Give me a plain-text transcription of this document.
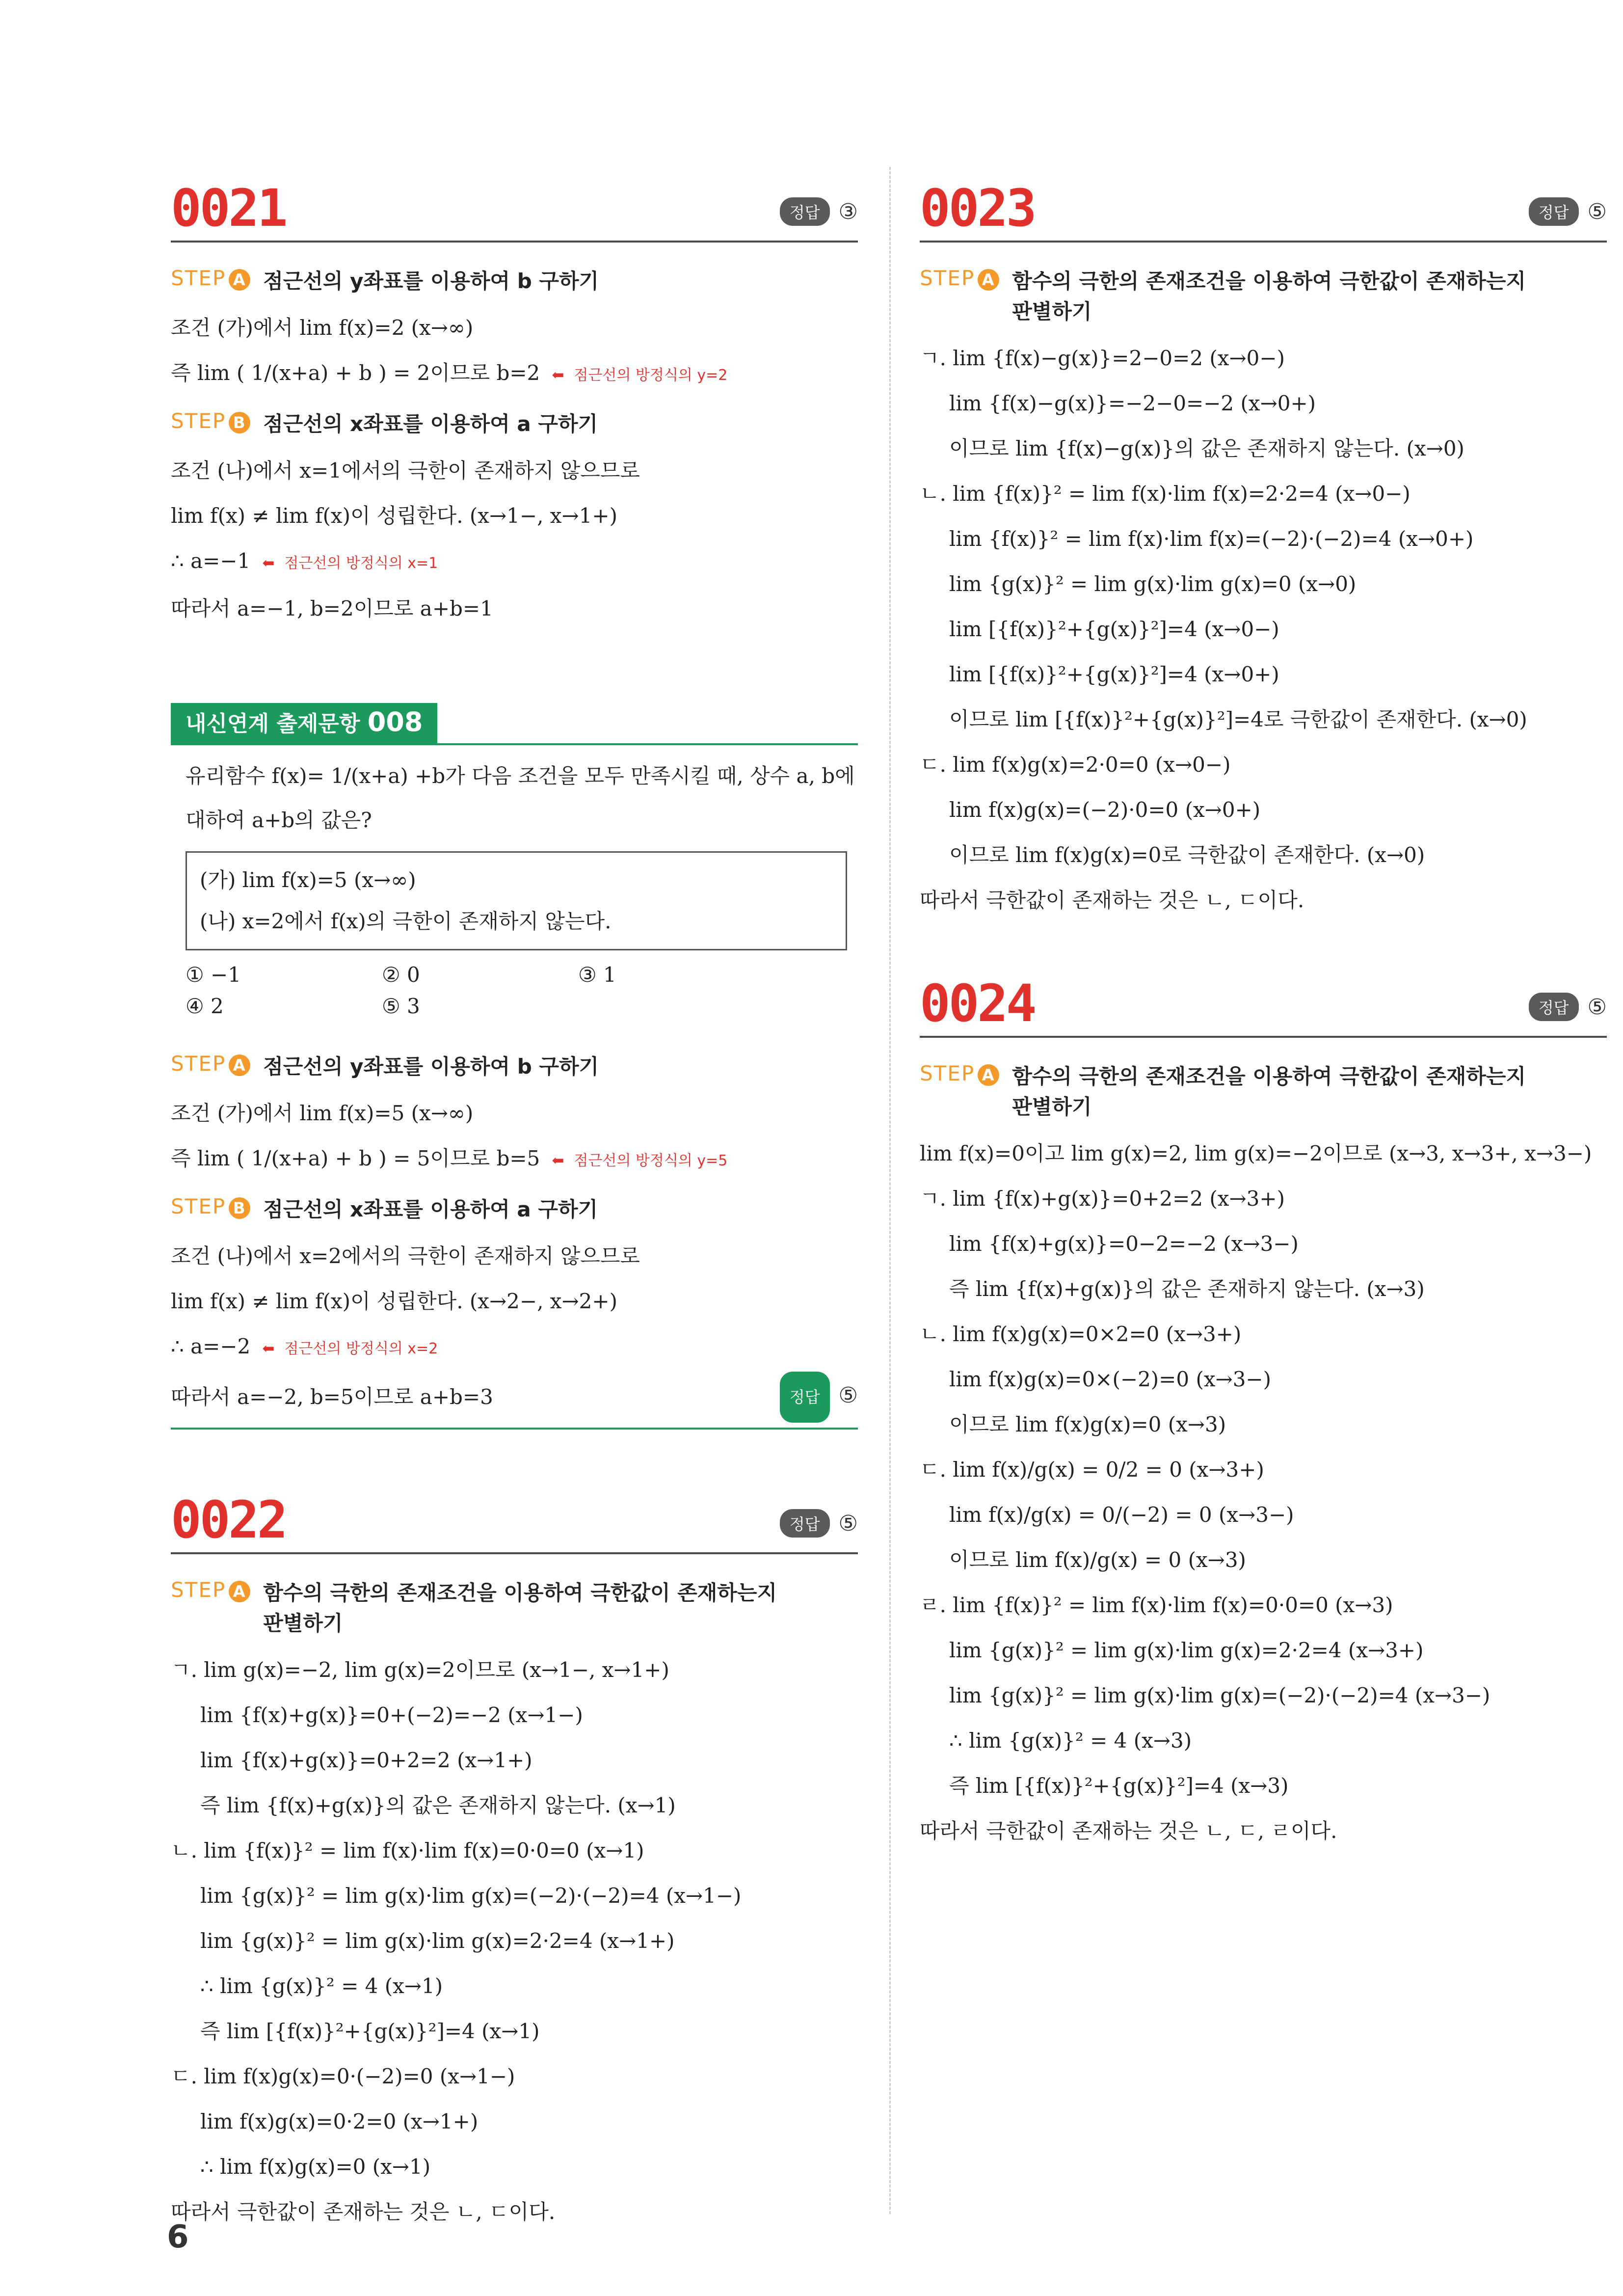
0021	정답 ③
STEP A 점근선의 y좌표를 이용하여 b 구하기
조건 (가)에서 lim f(x)=2 (x→∞)
즉 lim ( 1/(x+a) + b ) = 2이므로 b=2 ⬅ 점근선의 방정식의 y=2
STEP B 점근선의 x좌표를 이용하여 a 구하기
조건 (나)에서 x=1에서의 극한이 존재하지 않으므로
lim f(x) ≠ lim f(x)이 성립한다. (x→1−, x→1+)
∴ a=−1 ⬅ 점근선의 방정식의 x=1
따라서 a=−1, b=2이므로 a+b=1
내신연계 출제문항 008
유리함수 f(x)= 1/(x+a) +b가 다음 조건을 모두 만족시킬 때, 상수 a, b에
대하여 a+b의 값은?
(가) lim f(x)=5 (x→∞)
(나) x=2에서 f(x)의 극한이 존재하지 않는다.
① −1	② 0	③ 1
④ 2	⑤ 3
STEP A 점근선의 y좌표를 이용하여 b 구하기
조건 (가)에서 lim f(x)=5 (x→∞)
즉 lim ( 1/(x+a) + b ) = 5이므로 b=5 ⬅ 점근선의 방정식의 y=5
STEP B 점근선의 x좌표를 이용하여 a 구하기
조건 (나)에서 x=2에서의 극한이 존재하지 않으므로
lim f(x) ≠ lim f(x)이 성립한다. (x→2−, x→2+)
∴ a=−2 ⬅ 점근선의 방정식의 x=2
따라서 a=−2, b=5이므로 a+b=3	정답 ⑤
0022	정답 ⑤
STEP A 함수의 극한의 존재조건을 이용하여 극한값이 존재하는지 판별하기
ㄱ. lim g(x)=−2, lim g(x)=2이므로 (x→1−, x→1+)
lim {f(x)+g(x)}=0+(−2)=−2 (x→1−)
lim {f(x)+g(x)}=0+2=2 (x→1+)
즉 lim {f(x)+g(x)}의 값은 존재하지 않는다. (x→1)
ㄴ. lim {f(x)}² = lim f(x)·lim f(x)=0·0=0 (x→1)
lim {g(x)}² = lim g(x)·lim g(x)=(−2)·(−2)=4 (x→1−)
lim {g(x)}² = lim g(x)·lim g(x)=2·2=4 (x→1+)
∴ lim {g(x)}² = 4 (x→1)
즉 lim [{f(x)}²+{g(x)}²]=4 (x→1)
ㄷ. lim f(x)g(x)=0·(−2)=0 (x→1−)
lim f(x)g(x)=0·2=0 (x→1+)
∴ lim f(x)g(x)=0 (x→1)
따라서 극한값이 존재하는 것은 ㄴ, ㄷ이다.
0023	정답 ⑤
STEP A 함수의 극한의 존재조건을 이용하여 극한값이 존재하는지 판별하기
ㄱ. lim {f(x)−g(x)}=2−0=2 (x→0−)
lim {f(x)−g(x)}=−2−0=−2 (x→0+)
이므로 lim {f(x)−g(x)}의 값은 존재하지 않는다. (x→0)
ㄴ. lim {f(x)}² = lim f(x)·lim f(x)=2·2=4 (x→0−)
lim {f(x)}² = lim f(x)·lim f(x)=(−2)·(−2)=4 (x→0+)
lim {g(x)}² = lim g(x)·lim g(x)=0 (x→0)
lim [{f(x)}²+{g(x)}²]=4 (x→0−)
lim [{f(x)}²+{g(x)}²]=4 (x→0+)
이므로 lim [{f(x)}²+{g(x)}²]=4로 극한값이 존재한다. (x→0)
ㄷ. lim f(x)g(x)=2·0=0 (x→0−)
lim f(x)g(x)=(−2)·0=0 (x→0+)
이므로 lim f(x)g(x)=0로 극한값이 존재한다. (x→0)
따라서 극한값이 존재하는 것은 ㄴ, ㄷ이다.
0024	정답 ⑤
STEP A 함수의 극한의 존재조건을 이용하여 극한값이 존재하는지 판별하기
lim f(x)=0이고 lim g(x)=2, lim g(x)=−2이므로 (x→3, x→3+, x→3−)
ㄱ. lim {f(x)+g(x)}=0+2=2 (x→3+)
lim {f(x)+g(x)}=0−2=−2 (x→3−)
즉 lim {f(x)+g(x)}의 값은 존재하지 않는다. (x→3)
ㄴ. lim f(x)g(x)=0×2=0 (x→3+)
lim f(x)g(x)=0×(−2)=0 (x→3−)
이므로 lim f(x)g(x)=0 (x→3)
ㄷ. lim f(x)/g(x) = 0/2 = 0 (x→3+)
lim f(x)/g(x) = 0/(−2) = 0 (x→3−)
이므로 lim f(x)/g(x) = 0 (x→3)
ㄹ. lim {f(x)}² = lim f(x)·lim f(x)=0·0=0 (x→3)
lim {g(x)}² = lim g(x)·lim g(x)=2·2=4 (x→3+)
lim {g(x)}² = lim g(x)·lim g(x)=(−2)·(−2)=4 (x→3−)
∴ lim {g(x)}² = 4 (x→3)
즉 lim [{f(x)}²+{g(x)}²]=4 (x→3)
따라서 극한값이 존재하는 것은 ㄴ, ㄷ, ㄹ이다.
6
